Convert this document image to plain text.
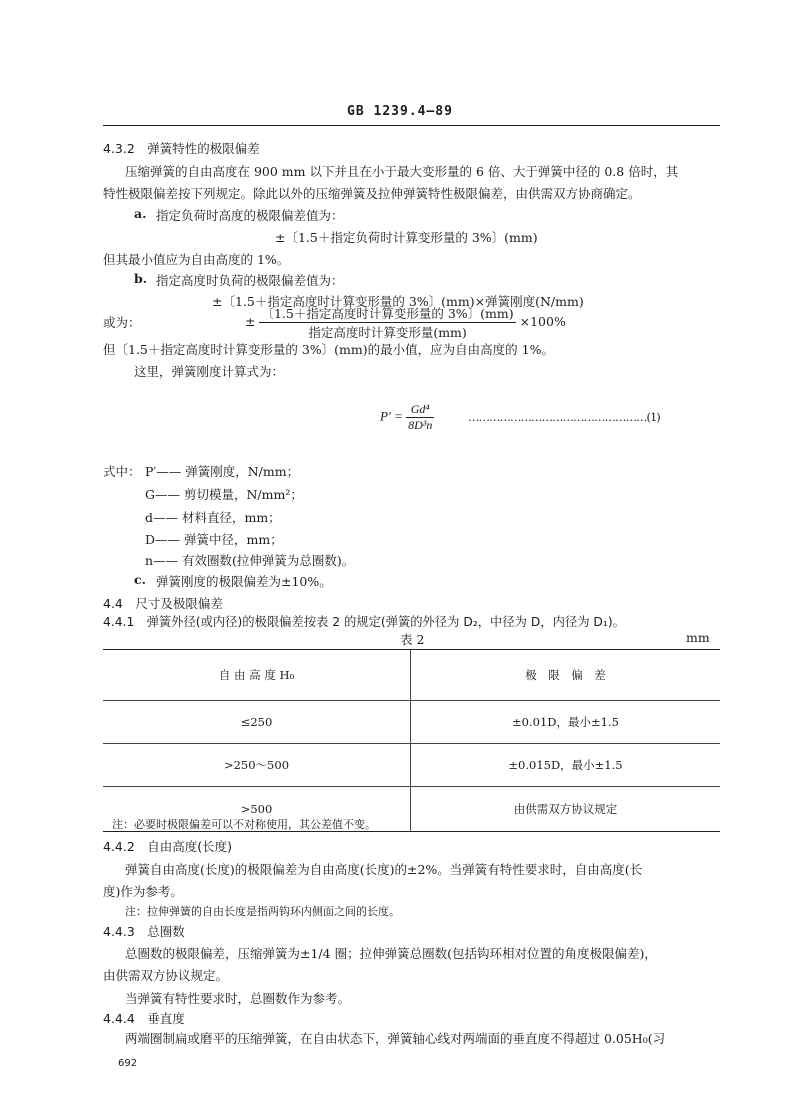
GB 1239.4—89
4.3.2　弹簧特性的极限偏差
压缩弹簧的自由高度在 900 mm 以下并且在小于最大变形量的 6 倍、大于弹簧中径的 0.8 倍时，其
特性极限偏差按下列规定。除此以外的压缩弹簧及拉伸弹簧特性极限偏差，由供需双方协商确定。
a. 指定负荷时高度的极限偏差值为：
±〔1.5＋指定负荷时计算变形量的 3%〕(mm)
但其最小值应为自由高度的 1%。
b. 指定高度时负荷的极限偏差值为：
±〔1.5＋指定高度时计算变形量的 3%〕(mm)×弹簧刚度(N/mm)
或为：	± $\frac{\text{〔1.5＋指定高度时计算变形量的 3\%〕(mm)}}{\text{指定高度时计算变形量(mm)}} \times 100\%$
但〔1.5＋指定高度时计算变形量的 3%〕(mm)的最小值，应为自由高度的 1%。
这里，弹簧刚度计算式为：
$P' = \frac{\text{Gd⁴}}{\text{8D³n}}$	……………………………………………(1)
式中： P′—— 弹簧刚度，N/mm；
G—— 剪切模量，N/mm²；
d—— 材料直径，mm；
D—— 弹簧中径，mm；
n—— 有效圈数(拉伸弹簧为总圈数)。
c. 弹簧刚度的极限偏差为±10%。
4.4　尺寸及极限偏差
4.4.1　弹簧外径(或内径)的极限偏差按表 2 的规定(弹簧的外径为 D₂，中径为 D，内径为 D₁)。
表 2	mm
自 由 高 度 H₀	极　限　偏　差
≤250	±0.01D，最小±1.5
>250～500	±0.015D，最小±1.5
>500	由供需双方协议规定
注：必要时极限偏差可以不对称使用，其公差值不变。
4.4.2　自由高度(长度)
弹簧自由高度(长度)的极限偏差为自由高度(长度)的±2%。当弹簧有特性要求时，自由高度(长
度)作为参考。
注：拉伸弹簧的自由长度是指两钩环内侧面之间的长度。
4.4.3　总圈数
总圈数的极限偏差，压缩弹簧为±1/4 圈；拉伸弹簧总圈数(包括钩环相对位置的角度极限偏差)，
由供需双方协议规定。
当弹簧有特性要求时，总圈数作为参考。
4.4.4　垂直度
两端圈制扁或磨平的压缩弹簧，在自由状态下，弹簧轴心线对两端面的垂直度不得超过 0.05H₀(习
692
